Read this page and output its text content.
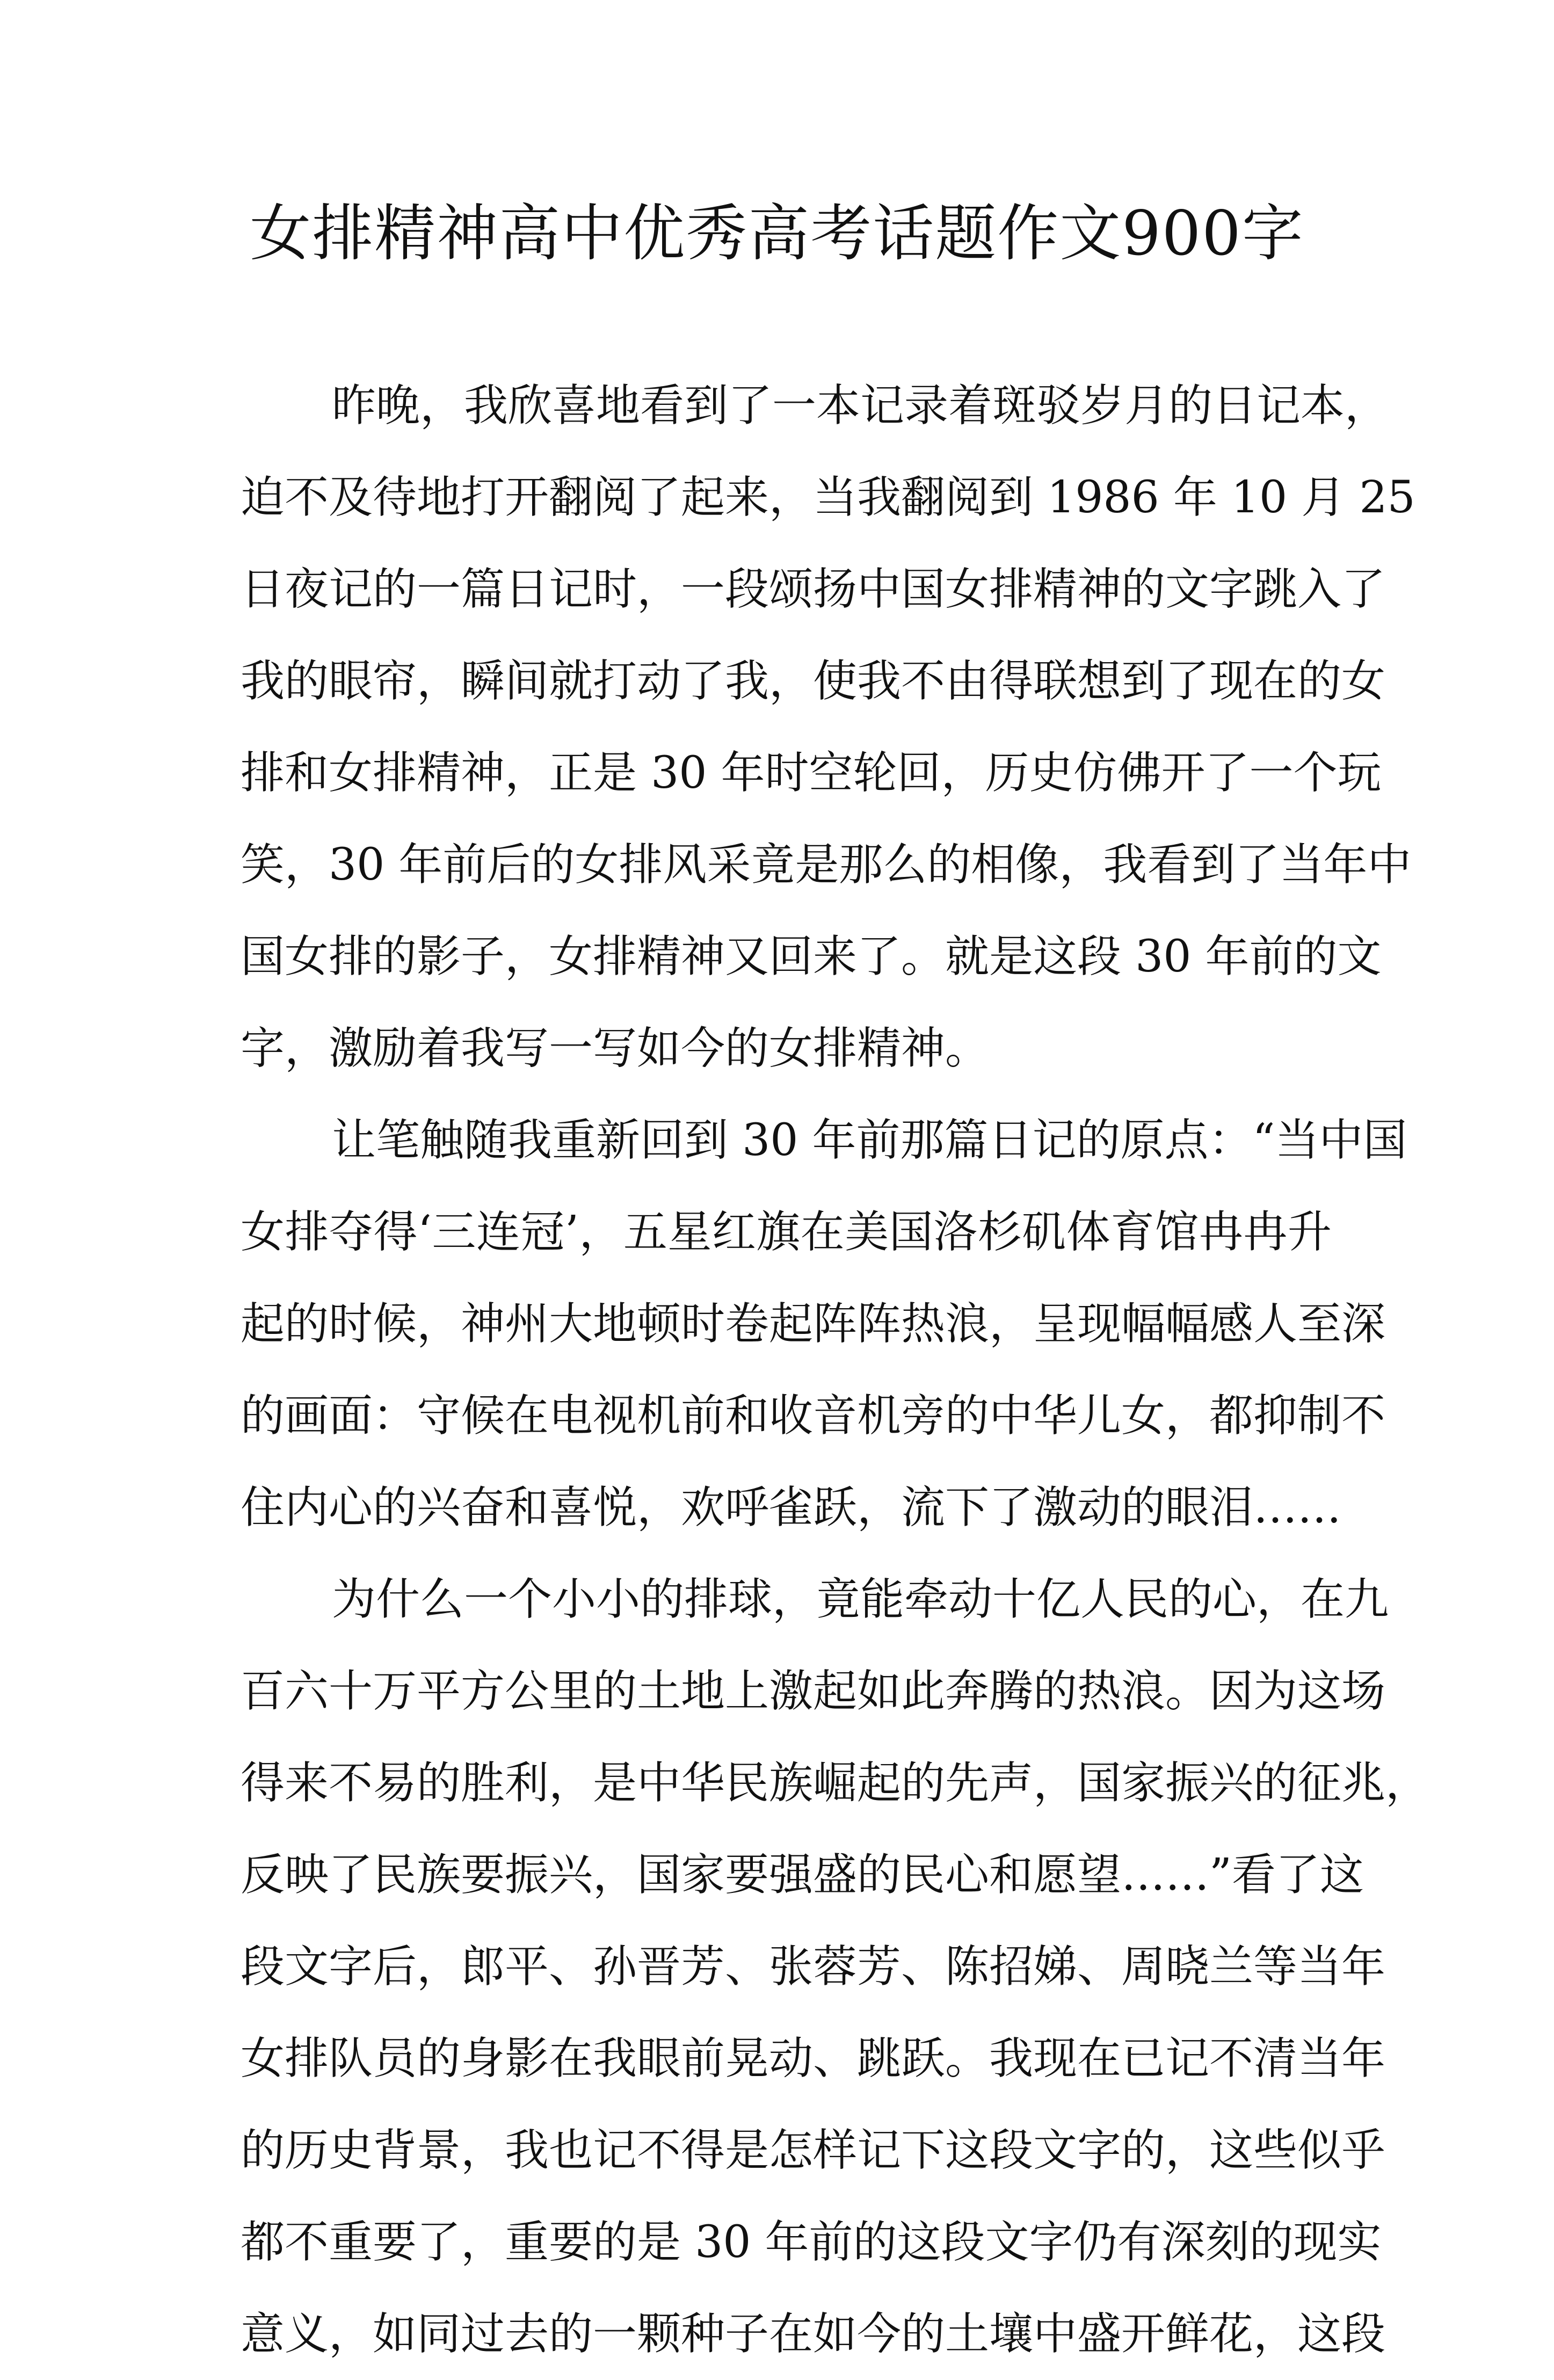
女排精神高中优秀高考话题作文900字
昨晚，我欣喜地看到了一本记录着斑驳岁月的日记本，
迫不及待地打开翻阅了起来，当我翻阅到 1986 年 10 月 25
日夜记的一篇日记时，一段颂扬中国女排精神的文字跳入了
我的眼帘，瞬间就打动了我，使我不由得联想到了现在的女
排和女排精神，正是 30 年时空轮回，历史仿佛开了一个玩
笑，30 年前后的女排风采竟是那么的相像，我看到了当年中
国女排的影子，女排精神又回来了。就是这段 30 年前的文
字，激励着我写一写如今的女排精神。
让笔触随我重新回到 30 年前那篇日记的原点：“当中国
女排夺得‘三连冠’，五星红旗在美国洛杉矶体育馆冉冉升
起的时候，神州大地顿时卷起阵阵热浪，呈现幅幅感人至深
的画面：守候在电视机前和收音机旁的中华儿女，都抑制不
住内心的兴奋和喜悦，欢呼雀跃，流下了激动的眼泪……
为什么一个小小的排球，竟能牵动十亿人民的心，在九
百六十万平方公里的土地上激起如此奔腾的热浪。因为这场
得来不易的胜利，是中华民族崛起的先声，国家振兴的征兆，
反映了民族要振兴，国家要强盛的民心和愿望……”看了这
段文字后，郎平、孙晋芳、张蓉芳、陈招娣、周晓兰等当年
女排队员的身影在我眼前晃动、跳跃。我现在已记不清当年
的历史背景，我也记不得是怎样记下这段文字的，这些似乎
都不重要了，重要的是 30 年前的这段文字仍有深刻的现实
意义，如同过去的一颗种子在如今的土壤中盛开鲜花，这段
